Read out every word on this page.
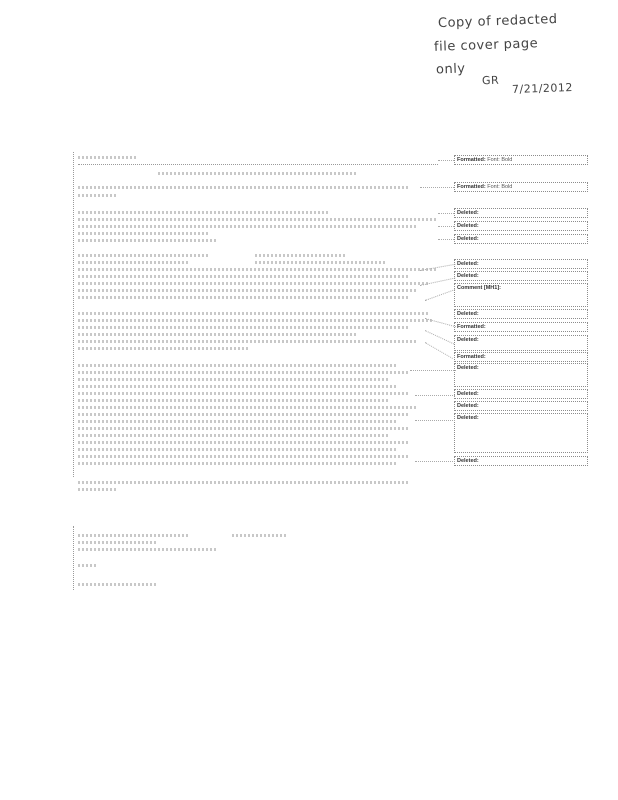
Copy of redacted
file cover page
only
GR
7/21/2012
Formatted: Font: Bold
Formatted: Font: Bold
Deleted:
Deleted:
Deleted:
Deleted:
Deleted:
Comment [MH1]:
Deleted:
Formatted:
Deleted:
Formatted:
Deleted:
Deleted:
Deleted:
Deleted:
Deleted:
